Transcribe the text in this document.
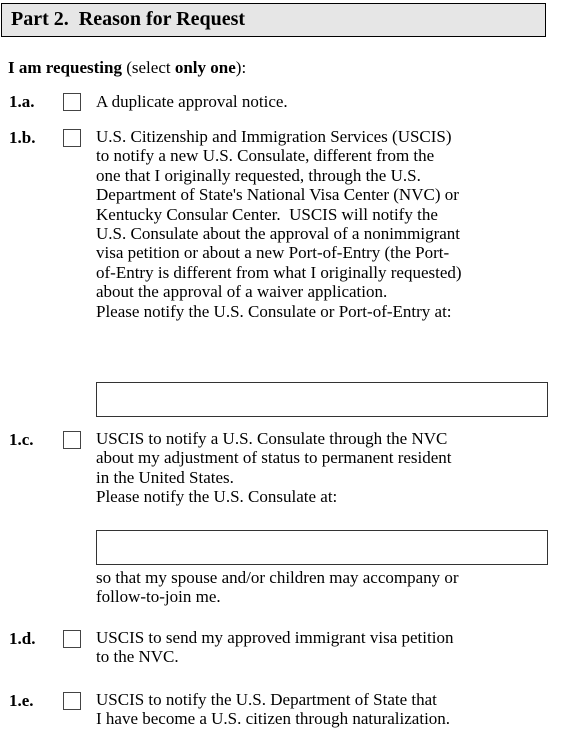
Part 2.  Reason for Request
I am requesting (select only one):
1.a.	A duplicate approval notice.
1.b.	U.S. Citizenship and Immigration Services (USCIS)
to notify a new U.S. Consulate, different from the
one that I originally requested, through the U.S.
Department of State's National Visa Center (NVC) or
Kentucky Consular Center.  USCIS will notify the
U.S. Consulate about the approval of a nonimmigrant
visa petition or about a new Port-of-Entry (the Port-
of-Entry is different from what I originally requested)
about the approval of a waiver application.
Please notify the U.S. Consulate or Port-of-Entry at:
1.c.	USCIS to notify a U.S. Consulate through the NVC
about my adjustment of status to permanent resident
in the United States.
Please notify the U.S. Consulate at:
so that my spouse and/or children may accompany or
follow-to-join me.
1.d.	USCIS to send my approved immigrant visa petition
to the NVC.
1.e.	USCIS to notify the U.S. Department of State that
I have become a U.S. citizen through naturalization.
